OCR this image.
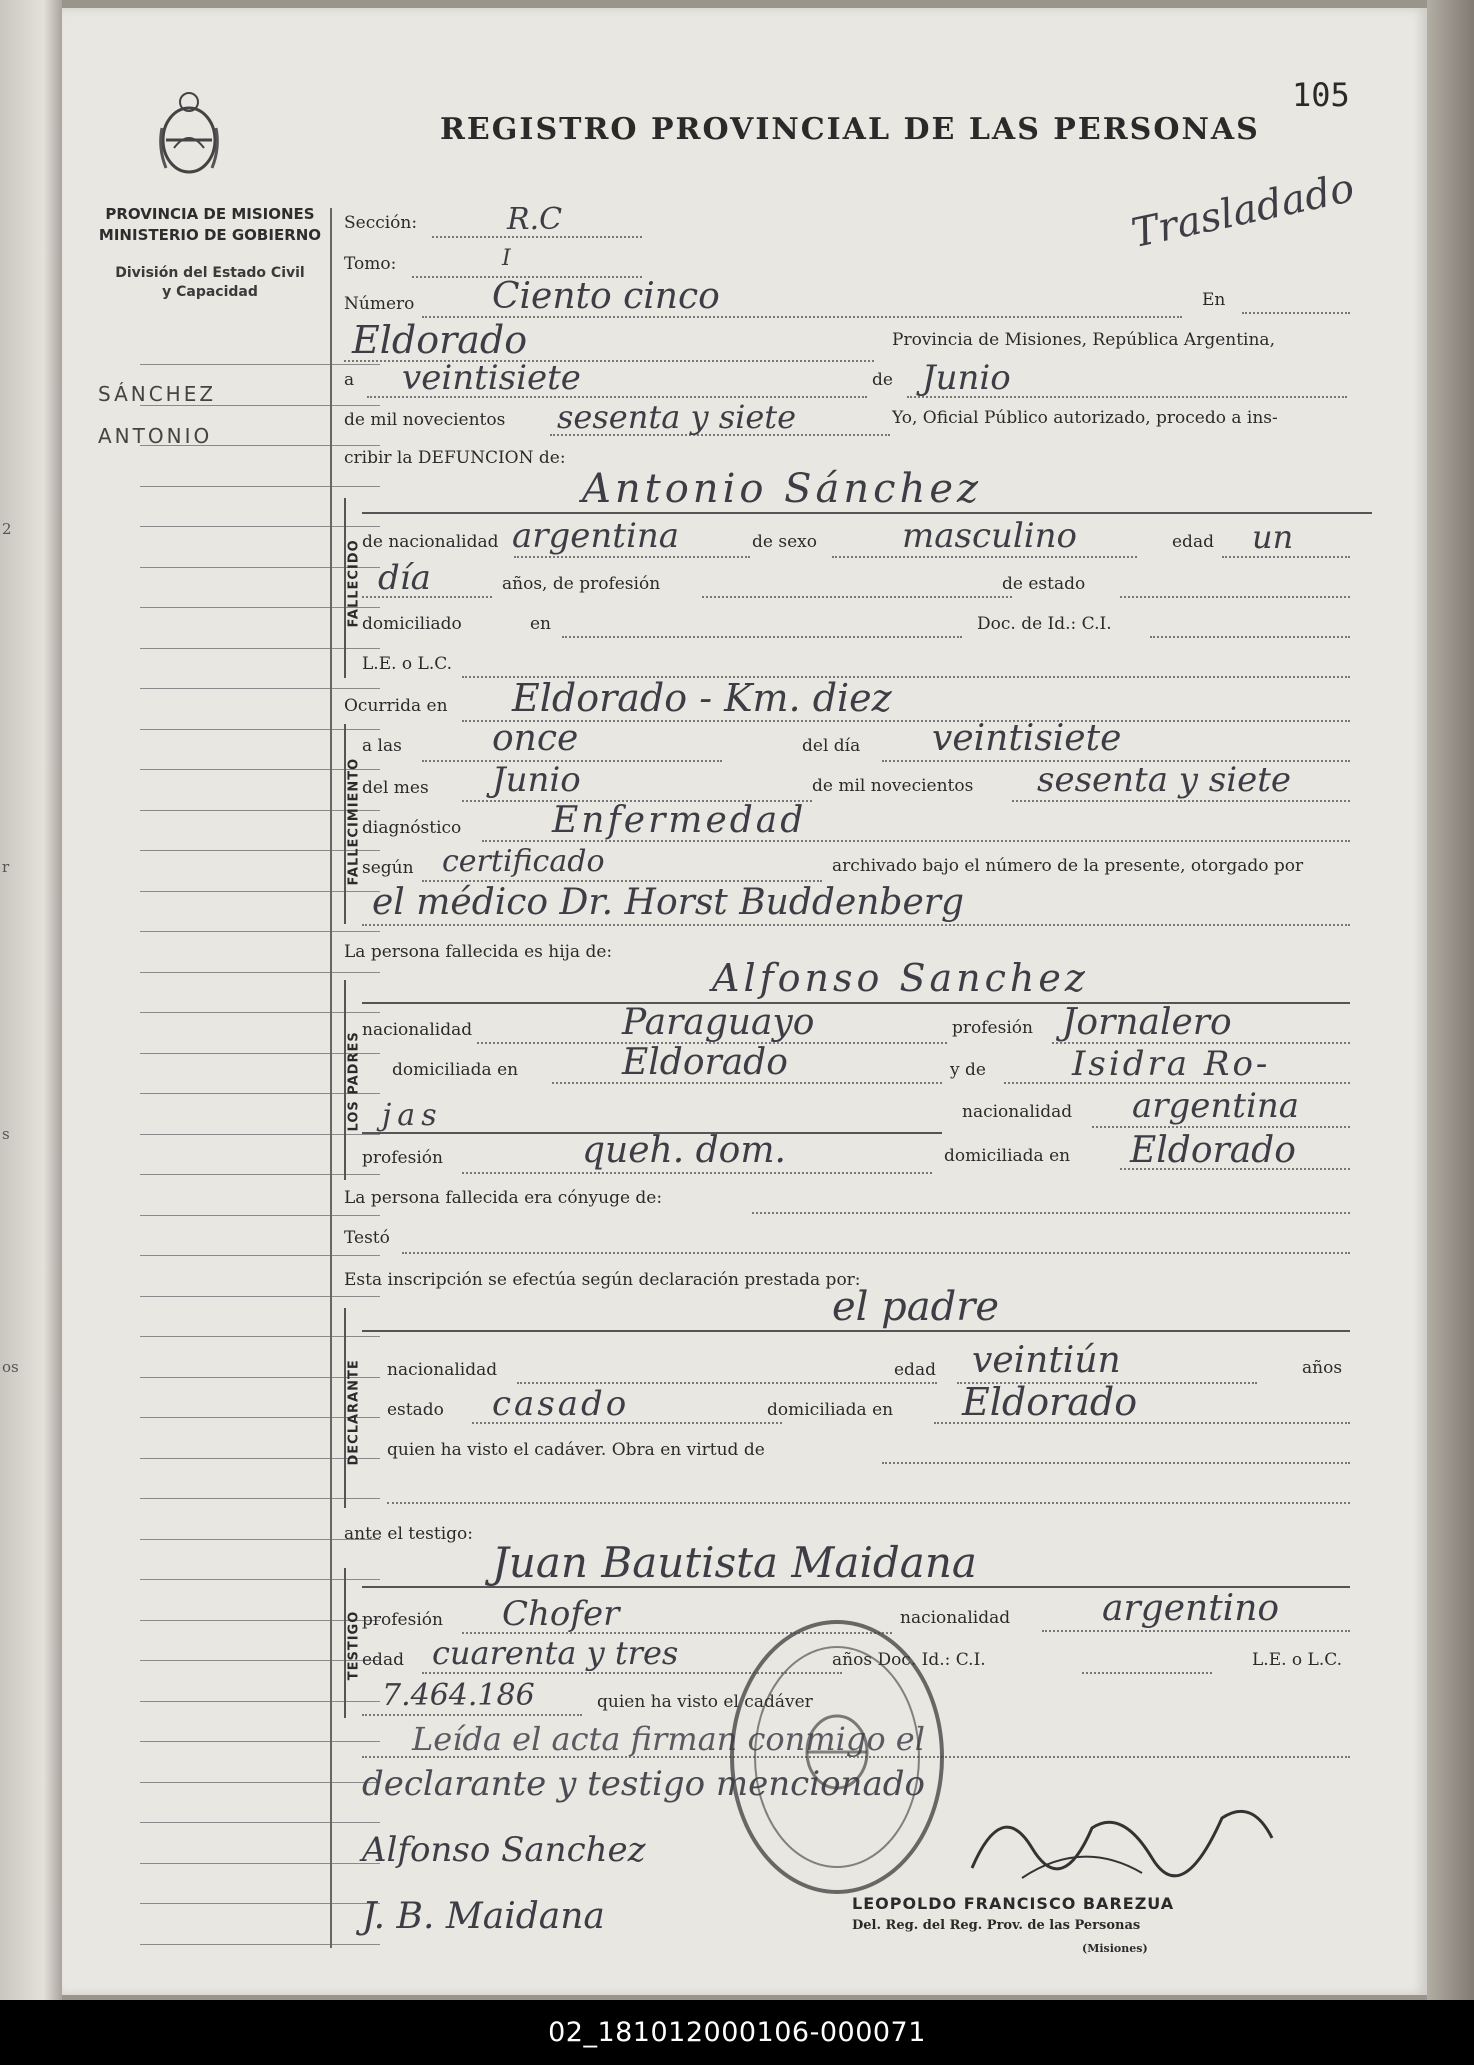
2
r
s
os
105
PROVINCIA DE MISIONES
MINISTERIO DE GOBIERNO
División del Estado Civil
y Capacidad
REGISTRO PROVINCIAL DE LAS PERSONAS
Trasladado
SÁNCHEZ
ANTONIO
Sección:	R.C
Tomo:	I
Número Ciento cinco	En
Eldorado	Provincia de Misiones, República Argentina,
a veintisiete	de Junio
de mil novecientos sesenta y siete	Yo, Oficial Público autorizado, procedo a ins-
cribir la DEFUNCION de:
FALLECIDO
Antonio Sánchez
de nacionalidad argentina	de sexo	masculino	edad un
día	años, de profesión	de estado
domiciliado	en	Doc. de Id.: C.I.
L.E. o L.C.
Ocurrida en Eldorado - Km. diez
FALLECIMIENTO
a las	once	del día veintisiete
del mes Junio	de mil novecientos sesenta y siete
diagnóstico	Enfermedad
según certificado	archivado bajo el número de la presente, otorgado por
el médico Dr. Horst Buddenberg
La persona fallecida es hija de:
LOS PADRES
Alfonso Sanchez
nacionalidad	Paraguayo	profesión Jornalero
domiciliada en	Eldorado	y de	Isidra Ro-
jas	nacionalidad argentina
profesión	queh. dom.	domiciliada en Eldorado
La persona fallecida era cónyuge de:
Testó
Esta inscripción se efectúa según declaración prestada por:
DECLARANTE
el padre
nacionalidad	edad veintiún	años
estado casado	domiciliada en Eldorado
quien ha visto el cadáver. Obra en virtud de
ante el testigo:
TESTIGO
Juan Bautista Maidana
profesión Chofer	nacionalidad	argentino
edad cuarenta y tres	años Doc. Id.: C.I.	L.E. o L.C.
7.464.186	quien ha visto el cadáver
Leída el acta firman conmigo el
declarante y testigo mencionado
Alfonso Sanchez
J. B. Maidana	LEOPOLDO FRANCISCO BAREZUA
Del. Reg. del Reg. Prov. de las Personas
(Misiones)
02_181012000106-000071
